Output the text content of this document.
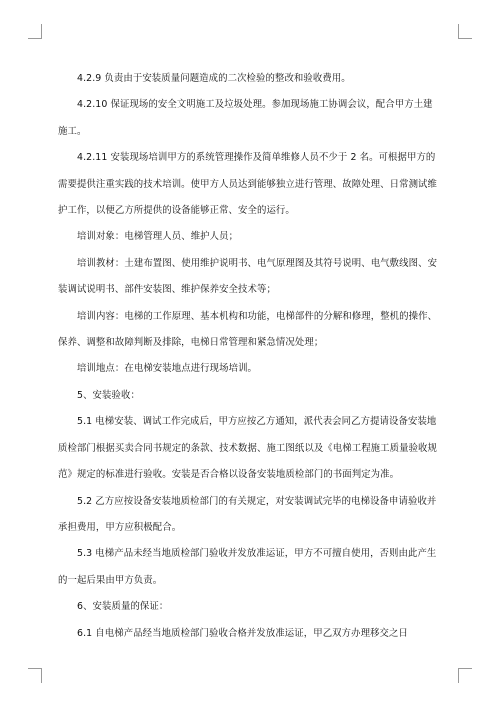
4.2.9 负责由于安装质量问题造成的二次检验的整改和验收费用。

4.2.10 保证现场的安全文明施工及垃圾处理。参加现场施工协调会议，配合甲方土建施工。

4.2.11 安装现场培训甲方的系统管理操作及简单维修人员不少于 2 名。可根据甲方的需要提供注重实践的技术培训。使甲方人员达到能够独立进行管理、故障处理、日常测试维护工作，以便乙方所提供的设备能够正常、安全的运行。

培训对象：电梯管理人员、维护人员；

培训教材：土建布置图、使用维护说明书、电气原理图及其符号说明、电气敷线图、安装调试说明书、部件安装图、维护保养安全技术等；

培训内容：电梯的工作原理、基本机构和功能，电梯部件的分解和修理，整机的操作、保养、调整和故障判断及排除，电梯日常管理和紧急情况处理；

培训地点：在电梯安装地点进行现场培训。

5、安装验收：

5.1 电梯安装、调试工作完成后，甲方应按乙方通知，派代表会同乙方提请设备安装地质检部门根据买卖合同书规定的条款、技术数据、施工图纸以及《电梯工程施工质量验收规范》规定的标准进行验收。安装是否合格以设备安装地质检部门的书面判定为准。

5.2 乙方应按设备安装地质检部门的有关规定，对安装调试完毕的电梯设备申请验收并承担费用，甲方应积极配合。

5.3 电梯产品未经当地质检部门验收并发放准运证，甲方不可擅自使用，否则由此产生的一起后果由甲方负责。

6、安装质量的保证：

6.1 自电梯产品经当地质检部门验收合格并发放准运证，甲乙双方办理移交之日
